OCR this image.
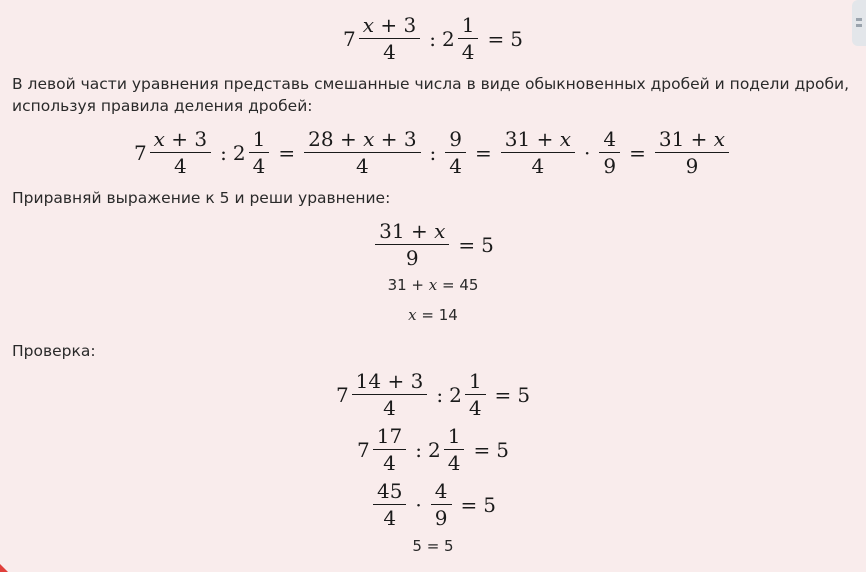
$7 \frac{x + 3}{4}$ : $2 \frac{1}{4} = 5$
В левой части уравнения представь смешанные числа в виде обыкновенных дробей и подели дроби,
используя правила деления дробей:
$7 \frac{x + 3}{4}$ : $2 \frac{1}{4} = \frac{28 + x + 3}{4}$ : $\frac{9}{4} = \frac{31 + x}{4} \cdot \frac{4}{9} = \frac{31 + x}{9}$
Приравняй выражение к 5 и реши уравнение:
$\frac{31 + x}{9} = 5$
31 + x = 45
x = 14
Проверка:
$7 \frac{14 + 3}{4}$ : $2 \frac{1}{4} = 5$
$7 \frac{17}{4}$ : $2 \frac{1}{4} = 5$
$\frac{45}{4} \cdot \frac{4}{9} = 5$
5 = 5
